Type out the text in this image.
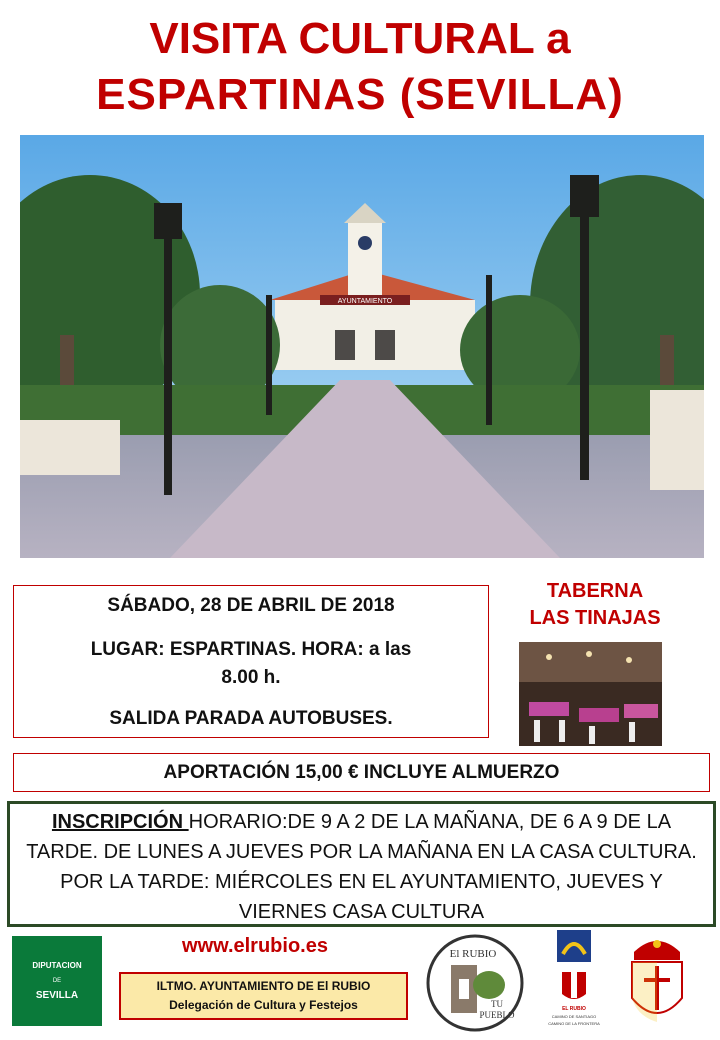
VISITA CULTURAL a
ESPARTINAS (SEVILLA)
AYUNTAMIENTO
SÁBADO, 28 DE ABRIL DE 2018
LUGAR: ESPARTINAS. HORA: a las
8.00 h.
SALIDA PARADA AUTOBUSES.
TABERNA
LAS TINAJAS
APORTACIÓN 15,00 € INCLUYE ALMUERZO
INSCRIPCIÓN HORARIO:DE 9 A 2 DE LA MAÑANA, DE 6 A 9 DE LA TARDE. DE LUNES A JUEVES POR LA MAÑANA EN LA CASA CULTURA. POR LA TARDE: MIÉRCOLES EN EL AYUNTAMIENTO, JUEVES Y VIERNES CASA CULTURA
DIPUTACION
DE
SEVILLA
www.elrubio.es
ILTMO. AYUNTAMIENTO DE El RUBIO
Delegación de Cultura y Festejos
El RUBIO
TU
PUEBLO
EL RUBIO
CAMINO DE SANTIAGO
CAMINO DE LA FRONTERA
